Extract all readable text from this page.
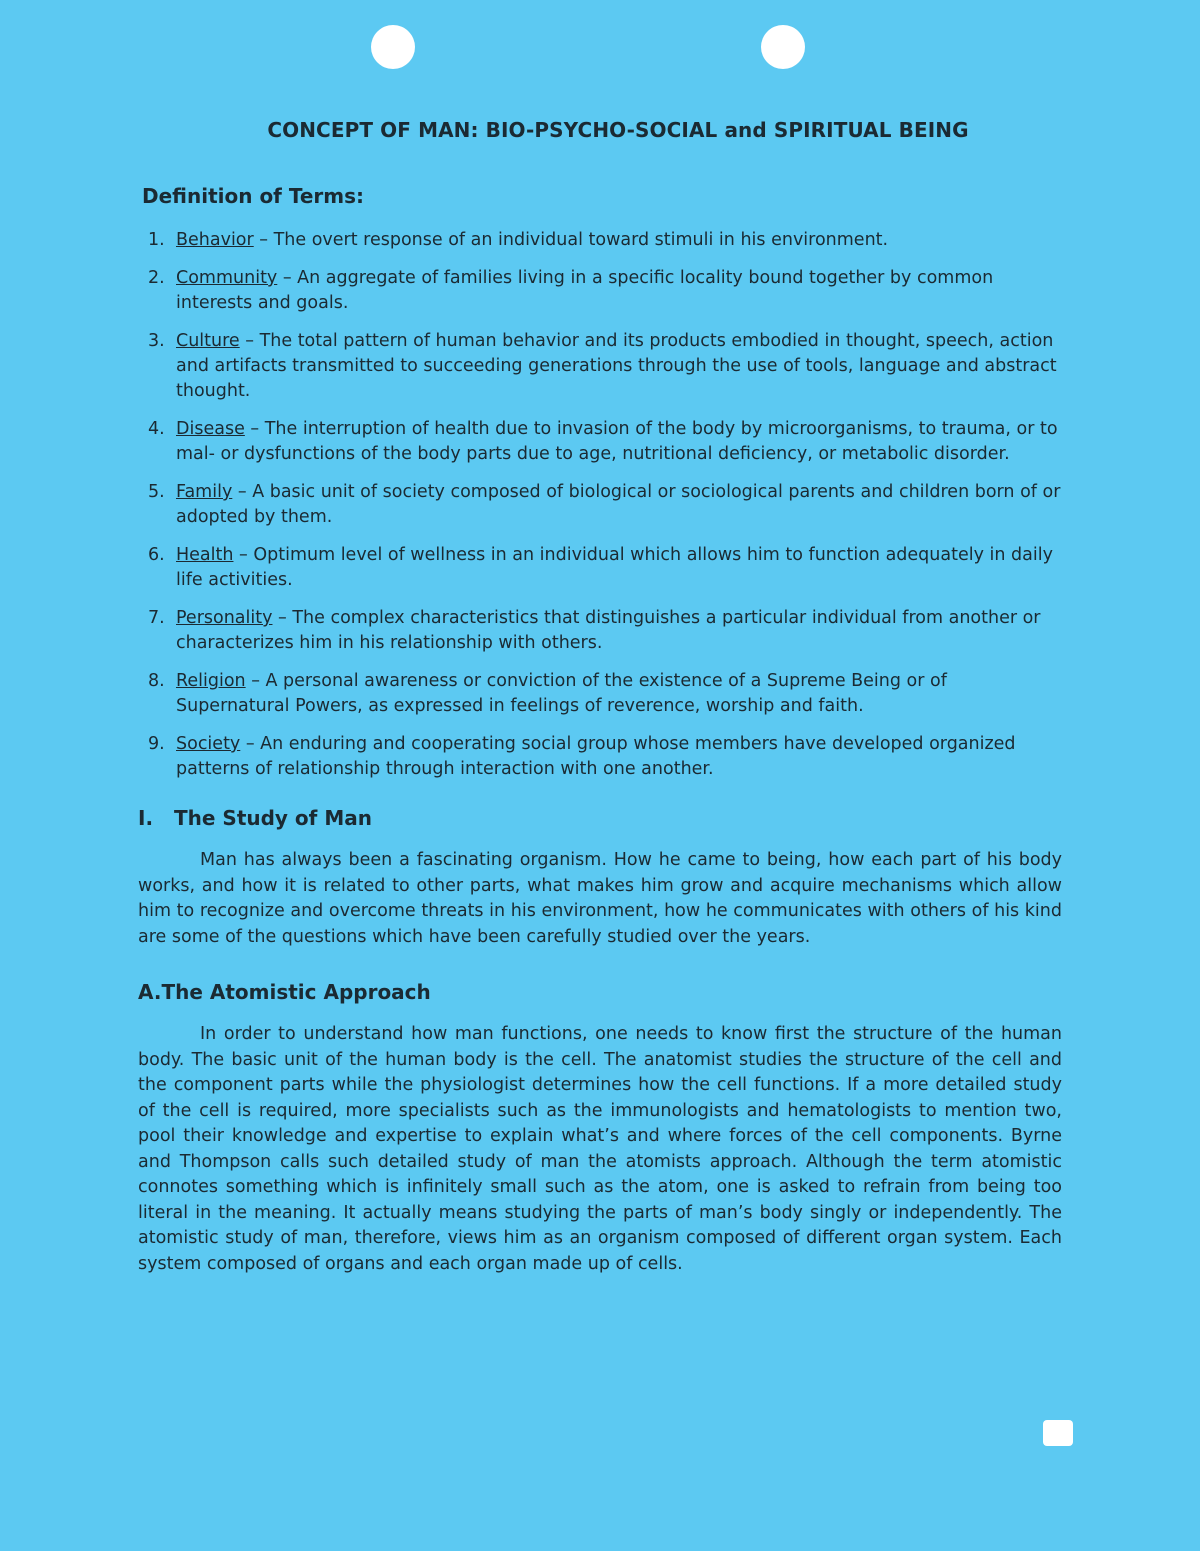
CONCEPT OF MAN: BIO-PSYCHO-SOCIAL and SPIRITUAL BEING
Definition of Terms:
1. Behavior – The overt response of an individual toward stimuli in his environment.
2. Community – An aggregate of families living in a specific locality bound together by common interests and goals.
3. Culture – The total pattern of human behavior and its products embodied in thought, speech, action and artifacts transmitted to succeeding generations through the use of tools, language and abstract thought.
4. Disease – The interruption of health due to invasion of the body by microorganisms, to trauma, or to mal- or dysfunctions of the body parts due to age, nutritional deficiency, or metabolic disorder.
5. Family – A basic unit of society composed of biological or sociological parents and children born of or adopted by them.
6. Health – Optimum level of wellness in an individual which allows him to function adequately in daily life activities.
7. Personality – The complex characteristics that distinguishes a particular individual from another or characterizes him in his relationship with others.
8. Religion – A personal awareness or conviction of the existence of a Supreme Being or of Supernatural Powers, as expressed in feelings of reverence, worship and faith.
9. Society – An enduring and cooperating social group whose members have developed organized patterns of relationship through interaction with one another.
I. The Study of Man

Man has always been a fascinating organism. How he came to being, how each part of his body works, and how it is related to other parts, what makes him grow and acquire mechanisms which allow him to recognize and overcome threats in his environment, how he communicates with others of his kind are some of the questions which have been carefully studied over the years.

A.The Atomistic Approach

In order to understand how man functions, one needs to know first the structure of the human body. The basic unit of the human body is the cell. The anatomist studies the structure of the cell and the component parts while the physiologist determines how the cell functions. If a more detailed study of the cell is required, more specialists such as the immunologists and hematologists to mention two, pool their knowledge and expertise to explain what’s and where forces of the cell components. Byrne and Thompson calls such detailed study of man the atomists approach. Although the term atomistic connotes something which is infinitely small such as the atom, one is asked to refrain from being too literal in the meaning. It actually means studying the parts of man’s body singly or independently. The atomistic study of man, therefore, views him as an organism composed of different organ system. Each system composed of organs and each organ made up of cells.
